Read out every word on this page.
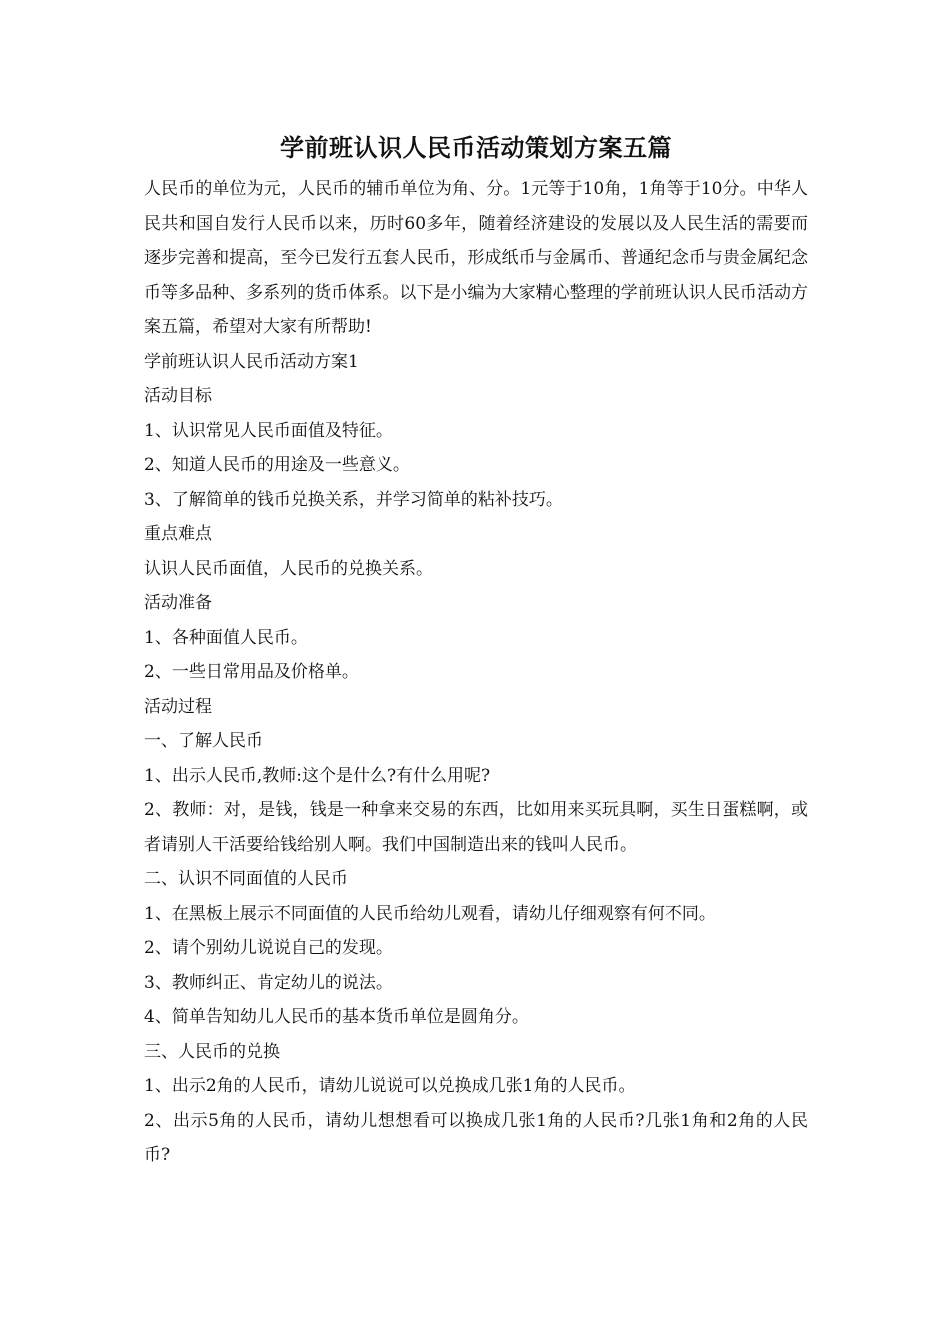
学前班认识人民币活动策划方案五篇

人民币的单位为元，人民币的辅币单位为角、分。1元等于10角，1角等于10分。中华人民共和国自发行人民币以来，历时60多年，随着经济建设的发展以及人民生活的需要而逐步完善和提高，至今已发行五套人民币，形成纸币与金属币、普通纪念币与贵金属纪念币等多品种、多系列的货币体系。以下是小编为大家精心整理的学前班认识人民币活动方案五篇，希望对大家有所帮助!

学前班认识人民币活动方案1

活动目标

1、认识常见人民币面值及特征。

2、知道人民币的用途及一些意义。

3、了解简单的钱币兑换关系，并学习简单的粘补技巧。

重点难点

认识人民币面值，人民币的兑换关系。

活动准备

1、各种面值人民币。

2、一些日常用品及价格单。

活动过程

一、了解人民币

1、出示人民币,教师:这个是什么?有什么用呢?

2、教师：对，是钱，钱是一种拿来交易的东西，比如用来买玩具啊，买生日蛋糕啊，或者请别人干活要给钱给别人啊。我们中国制造出来的钱叫人民币。

二、认识不同面值的人民币

1、在黑板上展示不同面值的人民币给幼儿观看，请幼儿仔细观察有何不同。

2、请个别幼儿说说自己的发现。

3、教师纠正、肯定幼儿的说法。

4、简单告知幼儿人民币的基本货币单位是圆角分。

三、人民币的兑换

1、出示2角的人民币，请幼儿说说可以兑换成几张1角的人民币。

2、出示5角的人民币，请幼儿想想看可以换成几张1角的人民币?几张1角和2角的人民币?
